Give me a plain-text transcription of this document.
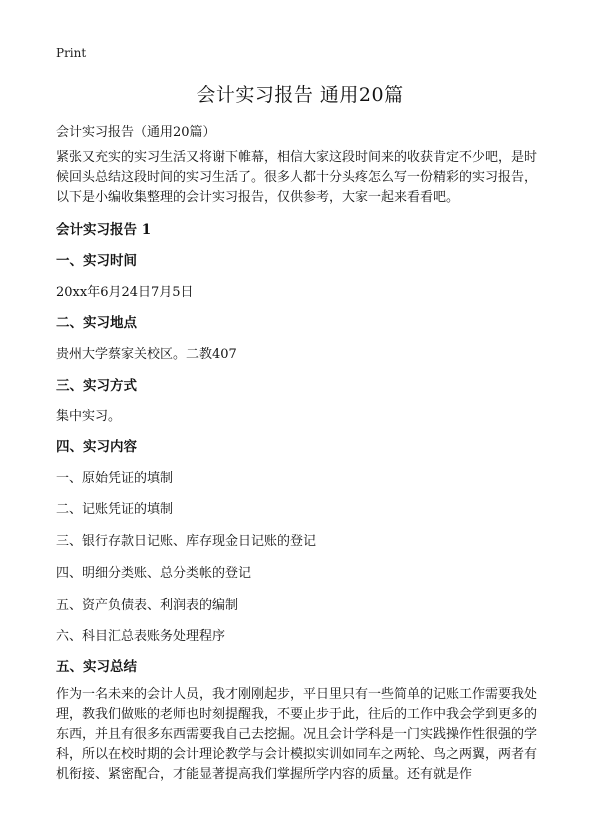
Print
会计实习报告 通用20篇
会计实习报告（通用20篇）

紧张又充实的实习生活又将谢下帷幕，相信大家这段时间来的收获肯定不少吧，是时候回头总结这段时间的实习生活了。很多人都十分头疼怎么写一份精彩的实习报告，以下是小编收集整理的会计实习报告，仅供参考，大家一起来看看吧。

会计实习报告 1
一、实习时间
20xx年6月24日7月5日
二、实习地点
贵州大学蔡家关校区。二教407
三、实习方式
集中实习。
四、实习内容
一、原始凭证的填制
二、记账凭证的填制
三、银行存款日记账、库存现金日记账的登记
四、明细分类账、总分类帐的登记
五、资产负债表、利润表的编制
六、科目汇总表账务处理程序
五、实习总结

作为一名未来的会计人员，我才刚刚起步，平日里只有一些简单的记账工作需要我处理，教我们做账的老师也时刻提醒我，不要止步于此，往后的工作中我会学到更多的东西，并且有很多东西需要我自己去挖掘。况且会计学科是一门实践操作性很强的学科，所以在校时期的会计理论教学与会计模拟实训如同车之两轮、鸟之两翼，两者有机衔接、紧密配合，才能显著提高我们掌握所学内容的质量。还有就是作
